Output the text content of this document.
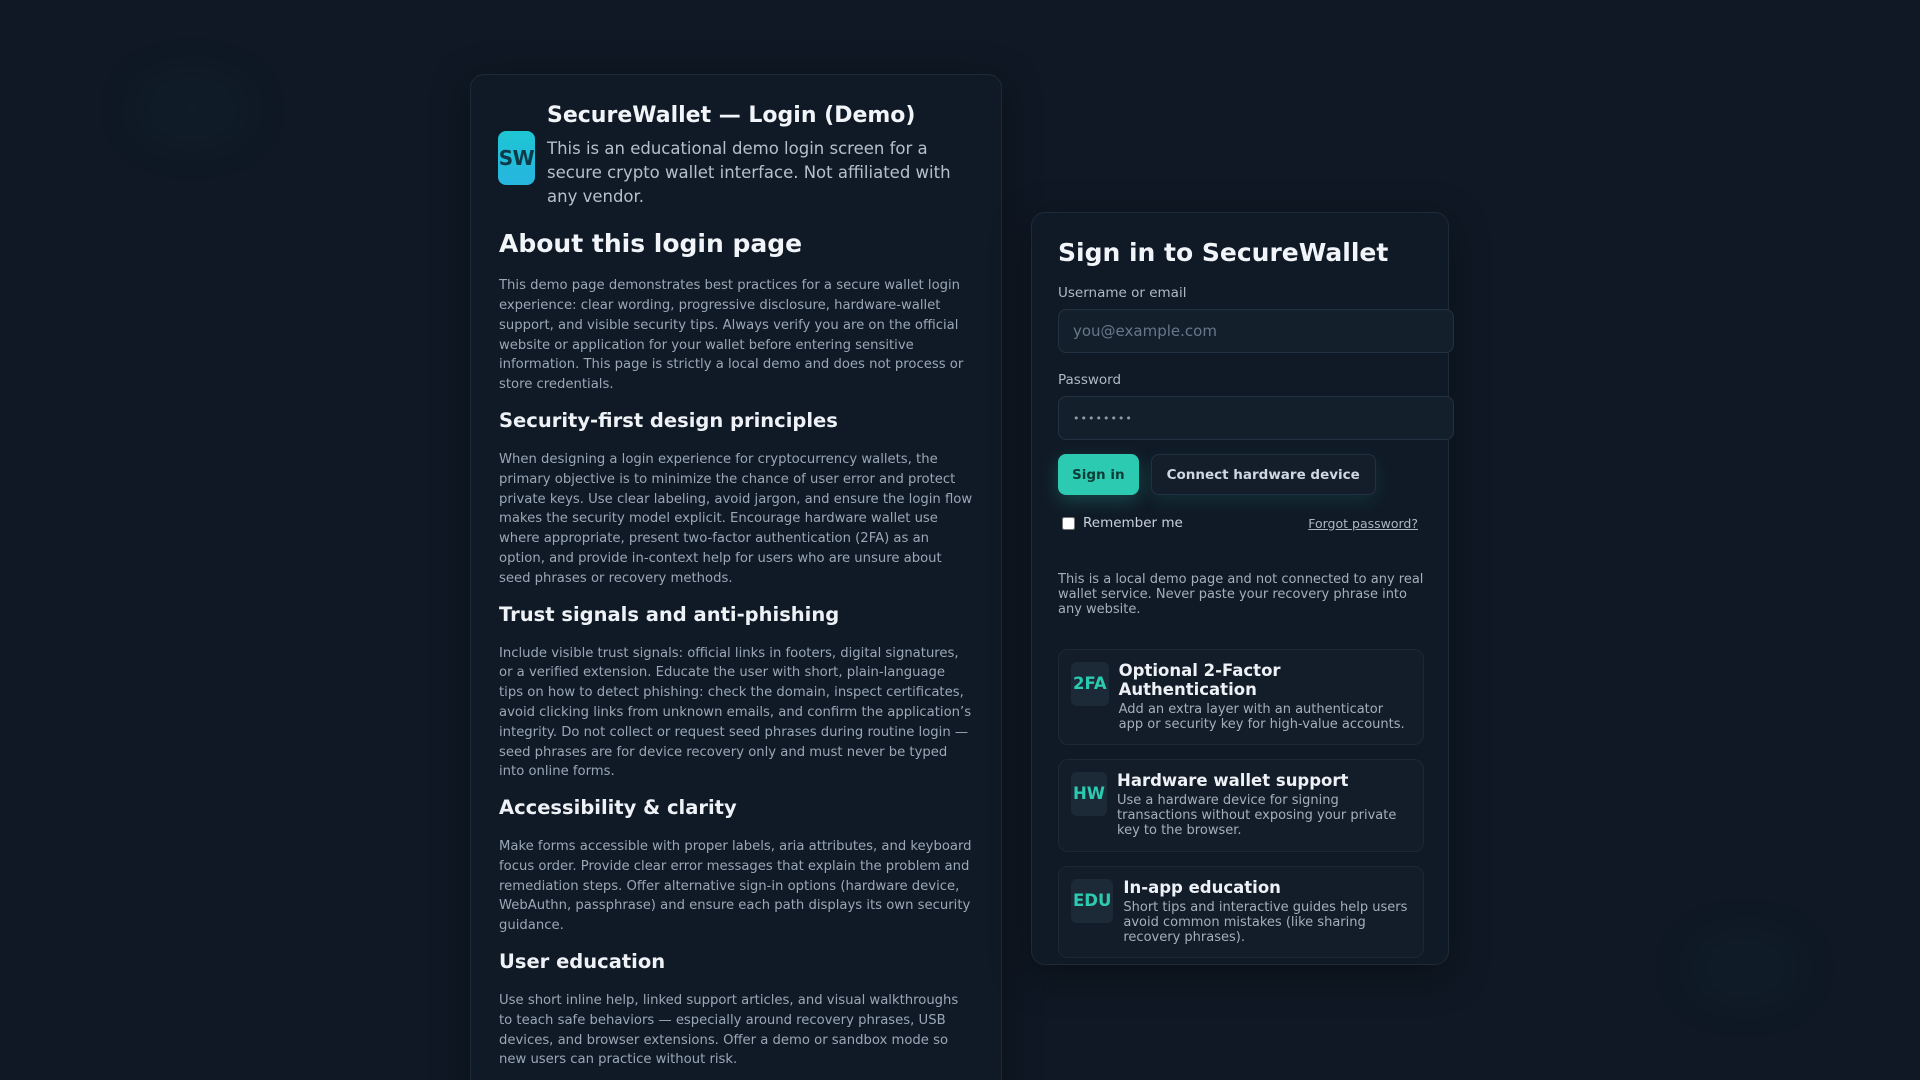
SW
SecureWallet — Login (Demo)

This is an educational demo login screen for a secure crypto wallet interface. Not affiliated with any vendor.

About this login page

This demo page demonstrates best practices for a secure wallet login experience: clear wording, progressive disclosure, hardware-wallet support, and visible security tips. Always verify you are on the official website or application for your wallet before entering sensitive information. This page is strictly a local demo and does not process or store credentials.

Security-first design principles

When designing a login experience for cryptocurrency wallets, the primary objective is to minimize the chance of user error and protect private keys. Use clear labeling, avoid jargon, and ensure the login flow makes the security model explicit. Encourage hardware wallet use where appropriate, present two-factor authentication (2FA) as an option, and provide in-context help for users who are unsure about seed phrases or recovery methods.

Trust signals and anti-phishing

Include visible trust signals: official links in footers, digital signatures, or a verified extension. Educate the user with short, plain-language tips on how to detect phishing: check the domain, inspect certificates, avoid clicking links from unknown emails, and confirm the application’s integrity. Do not collect or request seed phrases during routine login — seed phrases are for device recovery only and must never be typed into online forms.

Accessibility & clarity

Make forms accessible with proper labels, aria attributes, and keyboard focus order. Provide clear error messages that explain the problem and remediation steps. Offer alternative sign-in options (hardware device, WebAuthn, passphrase) and ensure each path displays its own security guidance.

User education

Use short inline help, linked support articles, and visual walkthroughs to teach safe behaviors — especially around recovery phrases, USB devices, and browser extensions. Offer a demo or sandbox mode so new users can practice without risk.

Sign in to SecureWallet
Username or email
you@example.com
Password
••••••••
Sign in	Connect hardware device
Remember me	Forgot password?

This is a local demo page and not connected to any real wallet service. Never paste your recovery phrase into any website.

2FA
Optional 2-Factor Authentication
Add an extra layer with an authenticator app or security key for high-value accounts.
HW
Hardware wallet support
Use a hardware device for signing transactions without exposing your private key to the browser.
EDU
In-app education
Short tips and interactive guides help users avoid common mistakes (like sharing recovery phrases).
